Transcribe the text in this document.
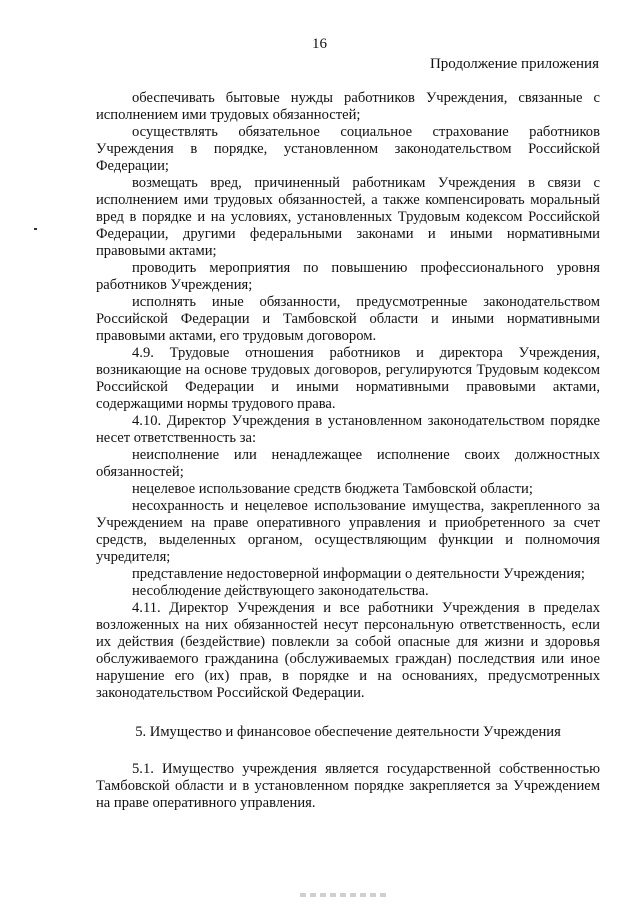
16
Продолжение приложения

обеспечивать бытовые нужды работников Учреждения, связанные с исполнением ими трудовых обязанностей;

осуществлять обязательное социальное страхование работников Учреждения в порядке, установленном законодательством Российской Федерации;

возмещать вред, причиненный работникам Учреждения в связи с исполнением ими трудовых обязанностей, а также компенсировать моральный вред в порядке и на условиях, установленных Трудовым кодексом Российской Федерации, другими федеральными законами и иными нормативными правовыми актами;

проводить мероприятия по повышению профессионального уровня работников Учреждения;

исполнять иные обязанности, предусмотренные законодательством Российской Федерации и Тамбовской области и иными нормативными правовыми актами, его трудовым договором.

4.9. Трудовые отношения работников и директора Учреждения, возникающие на основе трудовых договоров, регулируются Трудовым кодексом Российской Федерации и иными нормативными правовыми актами, содержащими нормы трудового права.

4.10. Директор Учреждения в установленном законодательством порядке несет ответственность за:

неисполнение или ненадлежащее исполнение своих должностных обязанностей;

нецелевое использование средств бюджета Тамбовской области;

несохранность и нецелевое использование имущества, закрепленного за Учреждением на праве оперативного управления и приобретенного за счет средств, выделенных органом, осуществляющим функции и полномочия учредителя;

представление недостоверной информации о деятельности Учреждения;

несоблюдение действующего законодательства.

4.11. Директор Учреждения и все работники Учреждения в пределах возложенных на них обязанностей несут персональную ответственность, если их действия (бездействие) повлекли за собой опасные для жизни и здоровья обслуживаемого гражданина (обслуживаемых граждан) последствия или иное нарушение его (их) прав, в порядке и на основаниях, предусмотренных законодательством Российской Федерации.

5. Имущество и финансовое обеспечение деятельности Учреждения

5.1. Имущество учреждения является государственной собственностью Тамбовской области и в установленном порядке закрепляется за Учреждением на праве оперативного управления.
